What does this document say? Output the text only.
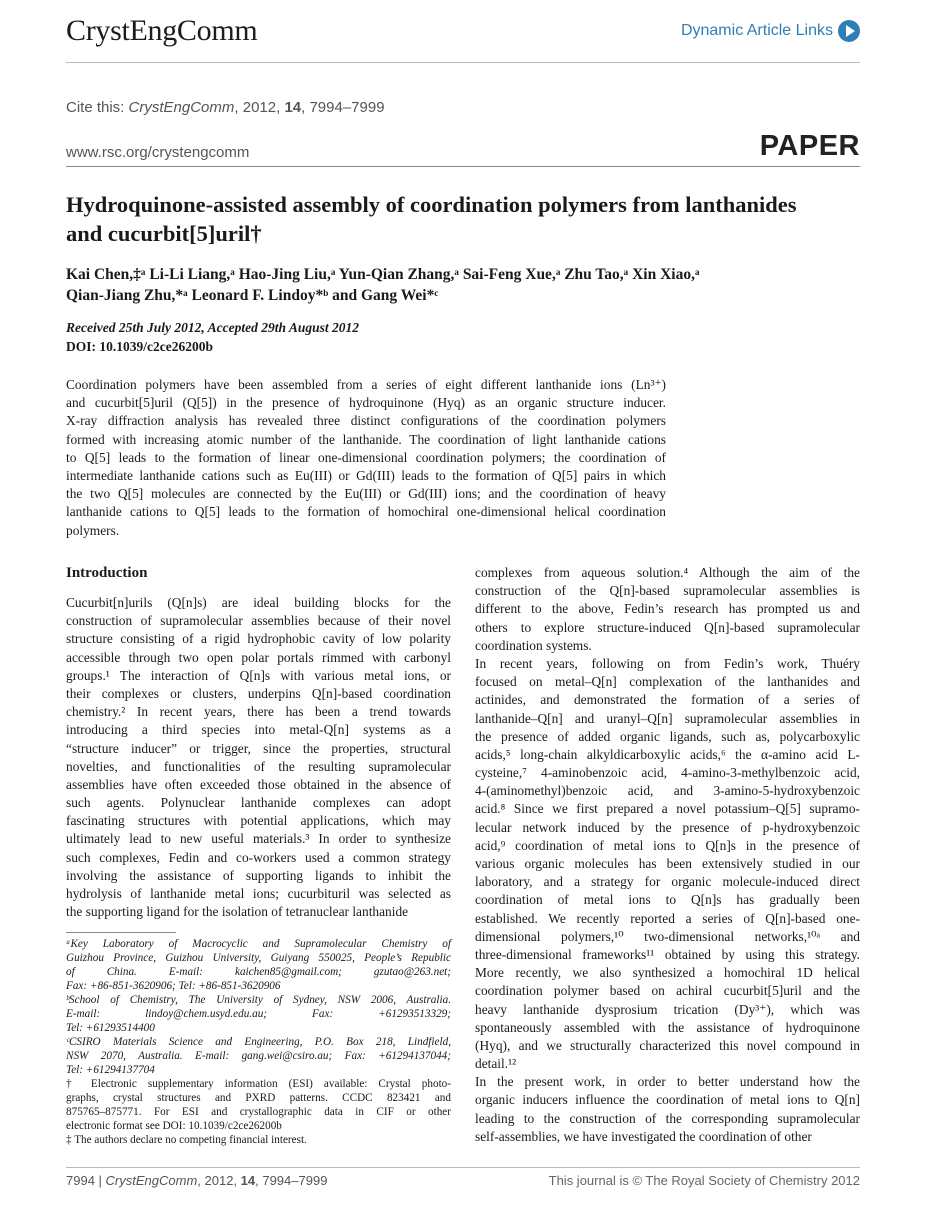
CrystEngComm	Dynamic Article Links
Cite this: CrystEngComm, 2012, 14, 7994–7999
www.rsc.org/crystengcomm	PAPER
Hydroquinone-assisted assembly of coordination polymers from lanthanides
and cucurbit[5]uril†
Kai Chen,‡ᵃ Li-Li Liang,ᵃ Hao-Jing Liu,ᵃ Yun-Qian Zhang,ᵃ Sai-Feng Xue,ᵃ Zhu Tao,ᵃ Xin Xiao,ᵃ
Qian-Jiang Zhu,*ᵃ Leonard F. Lindoy*ᵇ and Gang Wei*ᶜ
Received 25th July 2012, Accepted 29th August 2012
DOI: 10.1039/c2ce26200b
Coordination polymers have been assembled from a series of eight different lanthanide ions (Ln³⁺)
and cucurbit[5]uril (Q[5]) in the presence of hydroquinone (Hyq) as an organic structure inducer.
X-ray diffraction analysis has revealed three distinct configurations of the coordination polymers
formed with increasing atomic number of the lanthanide. The coordination of light lanthanide cations
to Q[5] leads to the formation of linear one-dimensional coordination polymers; the coordination of
intermediate lanthanide cations such as Eu(III) or Gd(III) leads to the formation of Q[5] pairs in which
the two Q[5] molecules are connected by the Eu(III) or Gd(III) ions; and the coordination of heavy
lanthanide cations to Q[5] leads to the formation of homochiral one-dimensional helical coordination
polymers.
Introduction
Cucurbit[n]urils (Q[n]s) are ideal building blocks for the
construction of supramolecular assemblies because of their novel
structure consisting of a rigid hydrophobic cavity of low polarity
accessible through two open polar portals rimmed with carbonyl
groups.¹ The interaction of Q[n]s with various metal ions, or
their complexes or clusters, underpins Q[n]-based coordination
chemistry.² In recent years, there has been a trend towards
introducing a third species into metal-Q[n] systems as a
“structure inducer” or trigger, since the properties, structural
novelties, and functionalities of the resulting supramolecular
assemblies have often exceeded those obtained in the absence of
such agents. Polynuclear lanthanide complexes can adopt
fascinating structures with potential applications, which may
ultimately lead to new useful materials.³ In order to synthesize
such complexes, Fedin and co-workers used a common strategy
involving the assistance of supporting ligands to inhibit the
hydrolysis of lanthanide metal ions; cucurbituril was selected as
the supporting ligand for the isolation of tetranuclear lanthanide
complexes from aqueous solution.⁴ Although the aim of the
construction of the Q[n]-based supramolecular assemblies is
different to the above, Fedin’s research has prompted us and
others to explore structure-induced Q[n]-based supramolecular
coordination systems.
In recent years, following on from Fedin’s work, Thuéry
focused on metal–Q[n] complexation of the lanthanides and
actinides, and demonstrated the formation of a series of
lanthanide–Q[n] and uranyl–Q[n] supramolecular assemblies in
the presence of added organic ligands, such as, polycarboxylic
acids,⁵ long-chain alkyldicarboxylic acids,⁶ the α-amino acid L-
cysteine,⁷ 4-aminobenzoic acid, 4-amino-3-methylbenzoic acid,
4-(aminomethyl)benzoic acid, and 3-amino-5-hydroxybenzoic
acid.⁸ Since we first prepared a novel potassium–Q[5] supramo-
lecular network induced by the presence of p-hydroxybenzoic
acid,⁹ coordination of metal ions to Q[n]s in the presence of
various organic molecules has been extensively studied in our
laboratory, and a strategy for organic molecule-induced direct
coordination of metal ions to Q[n]s has gradually been
established. We recently reported a series of Q[n]-based one-
dimensional polymers,¹⁰ two-dimensional networks,¹⁰ᵃ and
three-dimensional frameworks¹¹ obtained by using this strategy.
More recently, we also synthesized a homochiral 1D helical
coordination polymer based on achiral cucurbit[5]uril and the
heavy lanthanide dysprosium trication (Dy³⁺), which was
spontaneously assembled with the assistance of hydroquinone
(Hyq), and we structurally characterized this novel compound in
detail.¹²
In the present work, in order to better understand how the
organic inducers influence the coordination of metal ions to Q[n]
leading to the construction of the corresponding supramolecular
self-assemblies, we have investigated the coordination of other
ᵃKey Laboratory of Macrocyclic and Supramolecular Chemistry of
Guizhou Province, Guizhou University, Guiyang 550025, People’s Republic
of China. E-mail: kaichen85@gmail.com; gzutao@263.net;
Fax: +86-851-3620906; Tel: +86-851-3620906
ᵇSchool of Chemistry, The University of Sydney, NSW 2006, Australia.
E-mail: lindoy@chem.usyd.edu.au; Fax: +61293513329;
Tel: +61293514400
ᶜCSIRO Materials Science and Engineering, P.O. Box 218, Lindfield,
NSW 2070, Australia. E-mail: gang.wei@csiro.au; Fax: +61294137044;
Tel: +61294137704
† Electronic supplementary information (ESI) available: Crystal photo-
graphs, crystal structures and PXRD patterns. CCDC 823421 and
875765–875771. For ESI and crystallographic data in CIF or other
electronic format see DOI: 10.1039/c2ce26200b
‡ The authors declare no competing financial interest.
7994 | CrystEngComm, 2012, 14, 7994–7999	This journal is © The Royal Society of Chemistry 2012
